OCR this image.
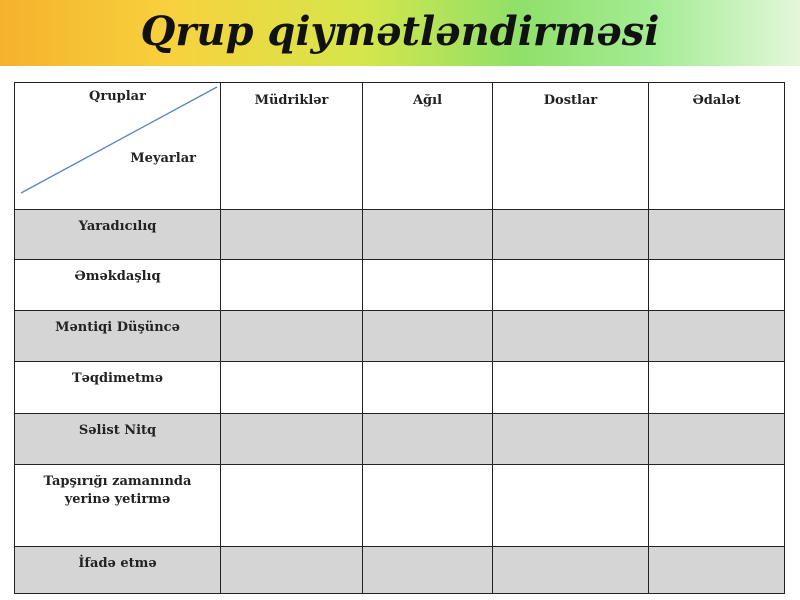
Qrup qiymətləndirməsi
Qruplar
Meyarlar	Müdriklər	Ağıl	Dostlar	Ədalət
Yaradıcılıq				
Əməkdaşlıq				
Məntiqi Düşüncə				
Təqdimetmə				
Səlist Nitq				
Tapşırığı zamanında
yerinə yetirmə				
İfadə etmə				
